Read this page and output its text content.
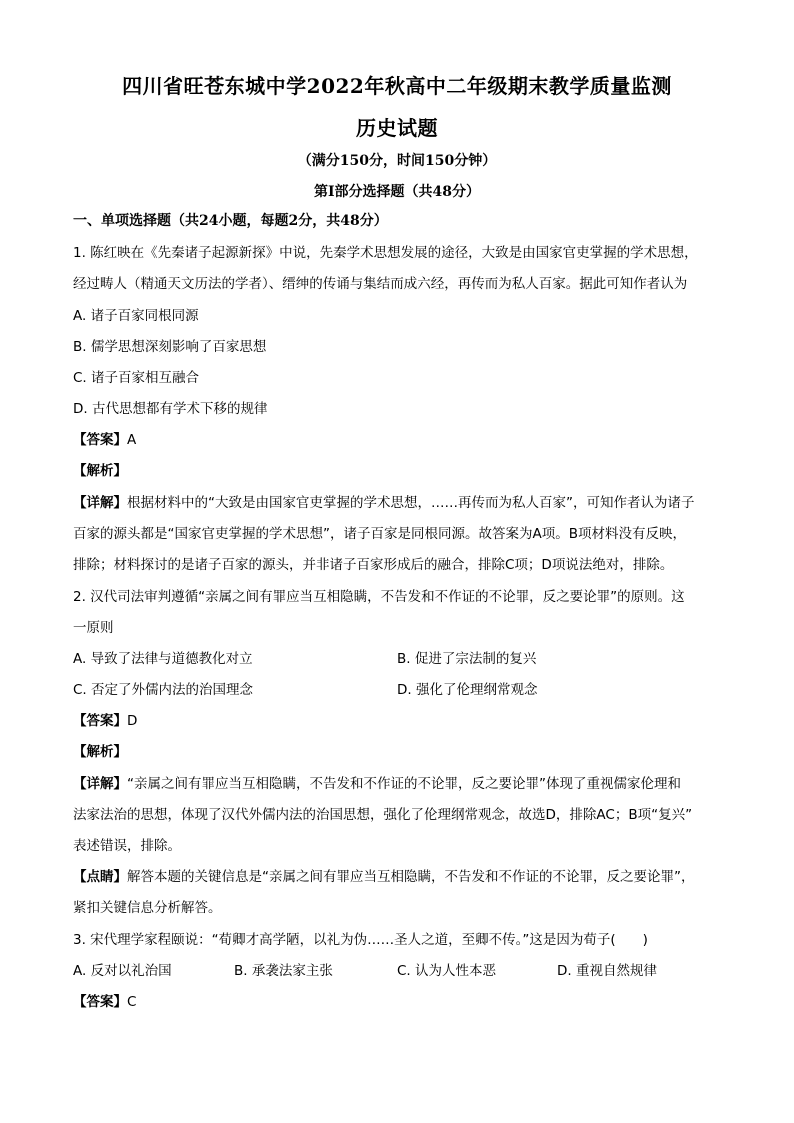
四川省旺苍东城中学2022年秋高中二年级期末教学质量监测
历史试题
（满分150分，时间150分钟）
第I部分选择题（共48分）
一、单项选择题（共24小题，每题2分，共48分）
1. 陈红映在《先秦诸子起源新探》中说，先秦学术思想发展的途径，大致是由国家官吏掌握的学术思想，
经过畴人（精通天文历法的学者）、缙绅的传诵与集结而成六经，再传而为私人百家。据此可知作者认为
A. 诸子百家同根同源
B. 儒学思想深刻影响了百家思想
C. 诸子百家相互融合
D. 古代思想都有学术下移的规律
【答案】A
【解析】
【详解】根据材料中的“大致是由国家官吏掌握的学术思想，……再传而为私人百家”，可知作者认为诸子
百家的源头都是“国家官吏掌握的学术思想”，诸子百家是同根同源。故答案为A项。B项材料没有反映，
排除；材料探讨的是诸子百家的源头，并非诸子百家形成后的融合，排除C项；D项说法绝对，排除。
2. 汉代司法审判遵循“亲属之间有罪应当互相隐瞒，不告发和不作证的不论罪，反之要论罪”的原则。这
一原则
A. 导致了法律与道德教化对立	B. 促进了宗法制的复兴
C. 否定了外儒内法的治国理念	D. 强化了伦理纲常观念
【答案】D
【解析】
【详解】“亲属之间有罪应当互相隐瞒，不告发和不作证的不论罪，反之要论罪”体现了重视儒家伦理和
法家法治的思想，体现了汉代外儒内法的治国思想，强化了伦理纲常观念，故选D，排除AC；B项“复兴”
表述错误，排除。
【点睛】解答本题的关键信息是“亲属之间有罪应当互相隐瞒，不告发和不作证的不论罪，反之要论罪”，
紧扣关键信息分析解答。
3. 宋代理学家程颐说：“荀卿才高学陋，以礼为伪……圣人之道，至卿不传。”这是因为荀子(　　)
A. 反对以礼治国	B. 承袭法家主张	C. 认为人性本恶	D. 重视自然规律
【答案】C
